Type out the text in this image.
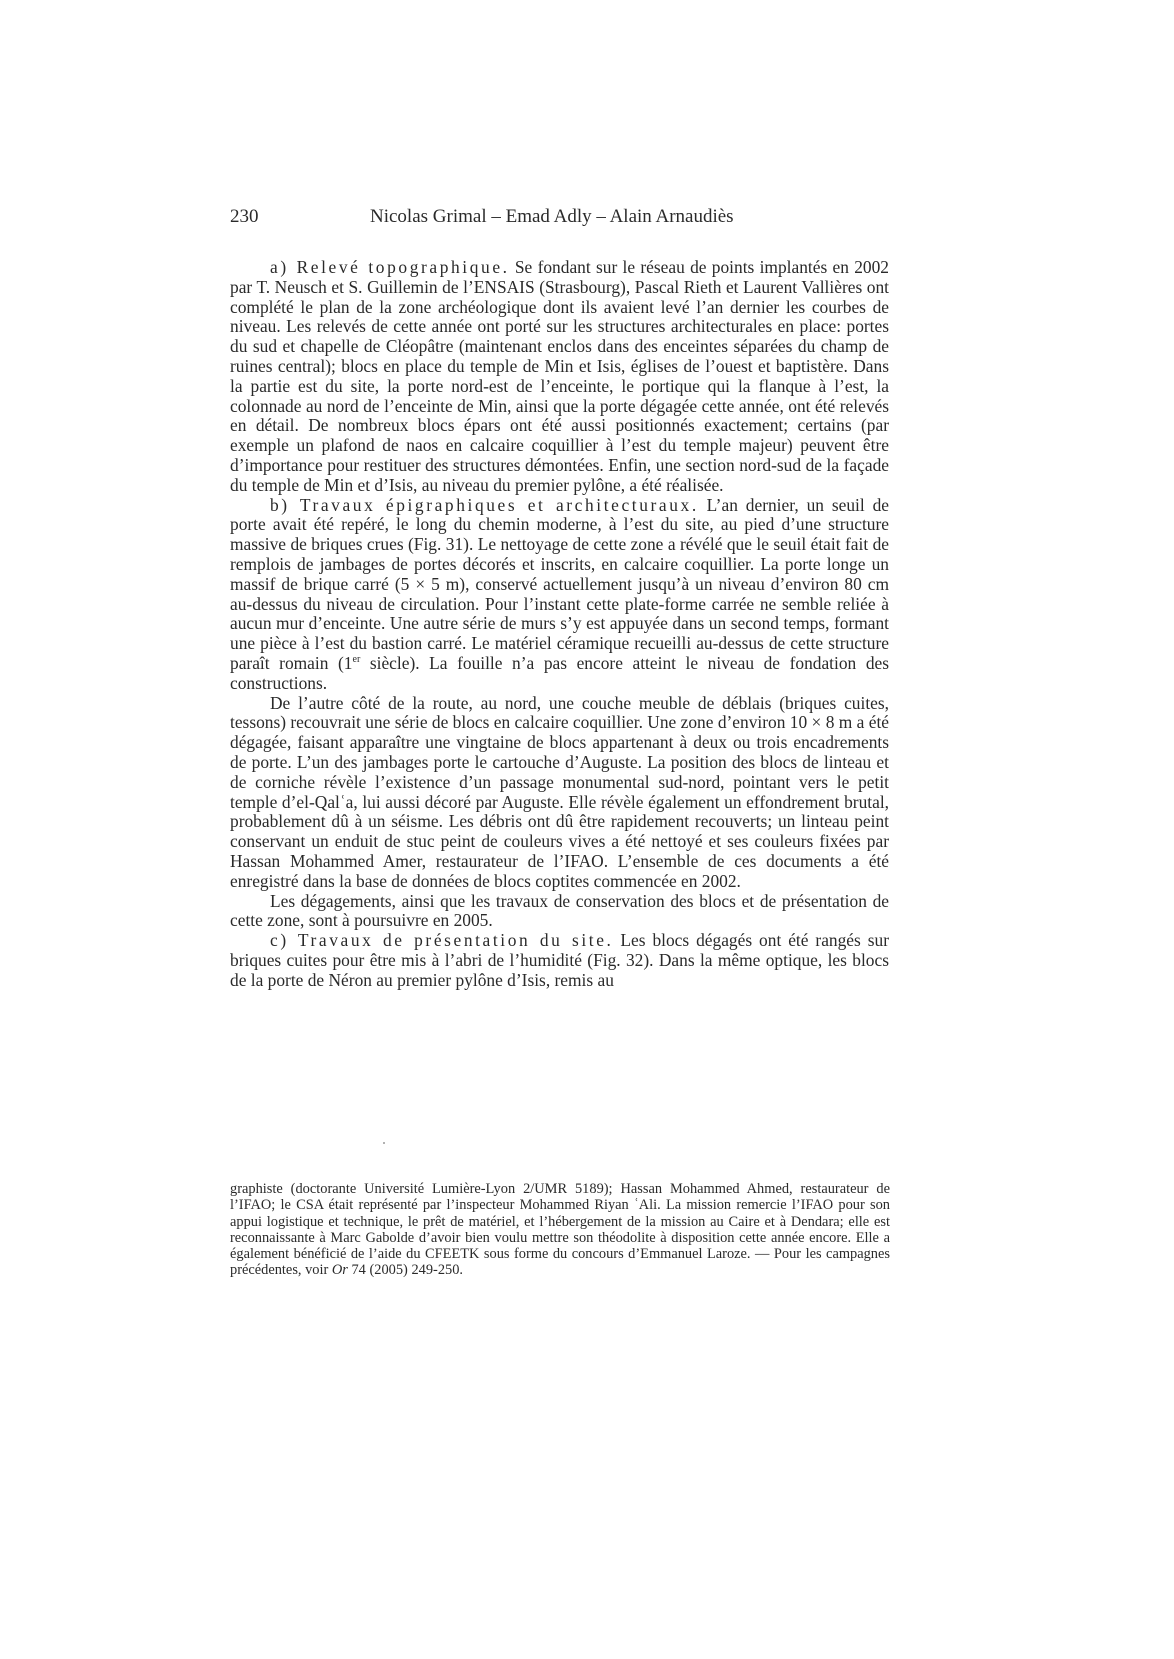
230	Nicolas Grimal – Emad Adly – Alain Arnaudiès

a) Relevé topographique. Se fondant sur le réseau de points implantés en 2002 par T. Neusch et S. Guillemin de l’ENSAIS (Strasbourg), Pascal Rieth et Laurent Vallières ont complété le plan de la zone archéologique dont ils avaient levé l’an dernier les courbes de niveau. Les relevés de cette année ont porté sur les structures architecturales en place: portes du sud et chapelle de Cléopâtre (maintenant enclos dans des enceintes séparées du champ de ruines central); blocs en place du temple de Min et Isis, églises de l’ouest et baptistère. Dans la partie est du site, la porte nord-est de l’enceinte, le portique qui la flanque à l’est, la colonnade au nord de l’enceinte de Min, ainsi que la porte dégagée cette année, ont été relevés en détail. De nombreux blocs épars ont été aussi positionnés exactement; certains (par exemple un plafond de naos en calcaire coquillier à l’est du temple majeur) peuvent être d’importance pour restituer des structures démontées. Enfin, une section nord-sud de la façade du temple de Min et d’Isis, au niveau du premier pylône, a été réalisée.

b) Travaux épigraphiques et architecturaux. L’an dernier, un seuil de porte avait été repéré, le long du chemin moderne, à l’est du site, au pied d’une structure massive de briques crues (Fig. 31). Le nettoyage de cette zone a révélé que le seuil était fait de remplois de jambages de portes décorés et inscrits, en calcaire coquillier. La porte longe un massif de brique carré (5 × 5 m), conservé actuellement jusqu’à un niveau d’environ 80 cm au-dessus du niveau de circulation. Pour l’instant cette plate-forme carrée ne semble reliée à aucun mur d’enceinte. Une autre série de murs s’y est appuyée dans un second temps, formant une pièce à l’est du bastion carré. Le matériel céramique recueilli au-dessus de cette structure paraît romain (1er siècle). La fouille n’a pas encore atteint le niveau de fondation des constructions.

De l’autre côté de la route, au nord, une couche meuble de déblais (briques cuites, tessons) recouvrait une série de blocs en calcaire coquillier. Une zone d’environ 10 × 8 m a été dégagée, faisant apparaître une vingtaine de blocs appartenant à deux ou trois encadrements de porte. L’un des jambages porte le cartouche d’Auguste. La position des blocs de linteau et de corniche révèle l’existence d’un passage monumental sud-nord, pointant vers le petit temple d’el-Qalʿa, lui aussi décoré par Auguste. Elle révèle également un effondrement brutal, probablement dû à un séisme. Les débris ont dû être rapidement recouverts; un linteau peint conservant un enduit de stuc peint de couleurs vives a été nettoyé et ses couleurs fixées par Hassan Mohammed Amer, restaurateur de l’IFAO. L’ensemble de ces documents a été enregistré dans la base de données de blocs coptites commencée en 2002.

Les dégagements, ainsi que les travaux de conservation des blocs et de présentation de cette zone, sont à poursuivre en 2005.

c) Travaux de présentation du site. Les blocs dégagés ont été rangés sur briques cuites pour être mis à l’abri de l’humidité (Fig. 32). Dans la même optique, les blocs de la porte de Néron au premier pylône d’Isis, remis au

graphiste (doctorante Université Lumière-Lyon 2/UMR 5189); Hassan Mohammed Ahmed, restaurateur de l’IFAO; le CSA était représenté par l’inspecteur Mohammed Riyan ʿAli. La mission remercie l’IFAO pour son appui logistique et technique, le prêt de matériel, et l’hébergement de la mission au Caire et à Dendara; elle est reconnaissante à Marc Gabolde d’avoir bien voulu mettre son théodolite à disposition cette année encore. Elle a également bénéficié de l’aide du CFEETK sous forme du concours d’Emmanuel Laroze. — Pour les campagnes précédentes, voir Or 74 (2005) 249-250.
